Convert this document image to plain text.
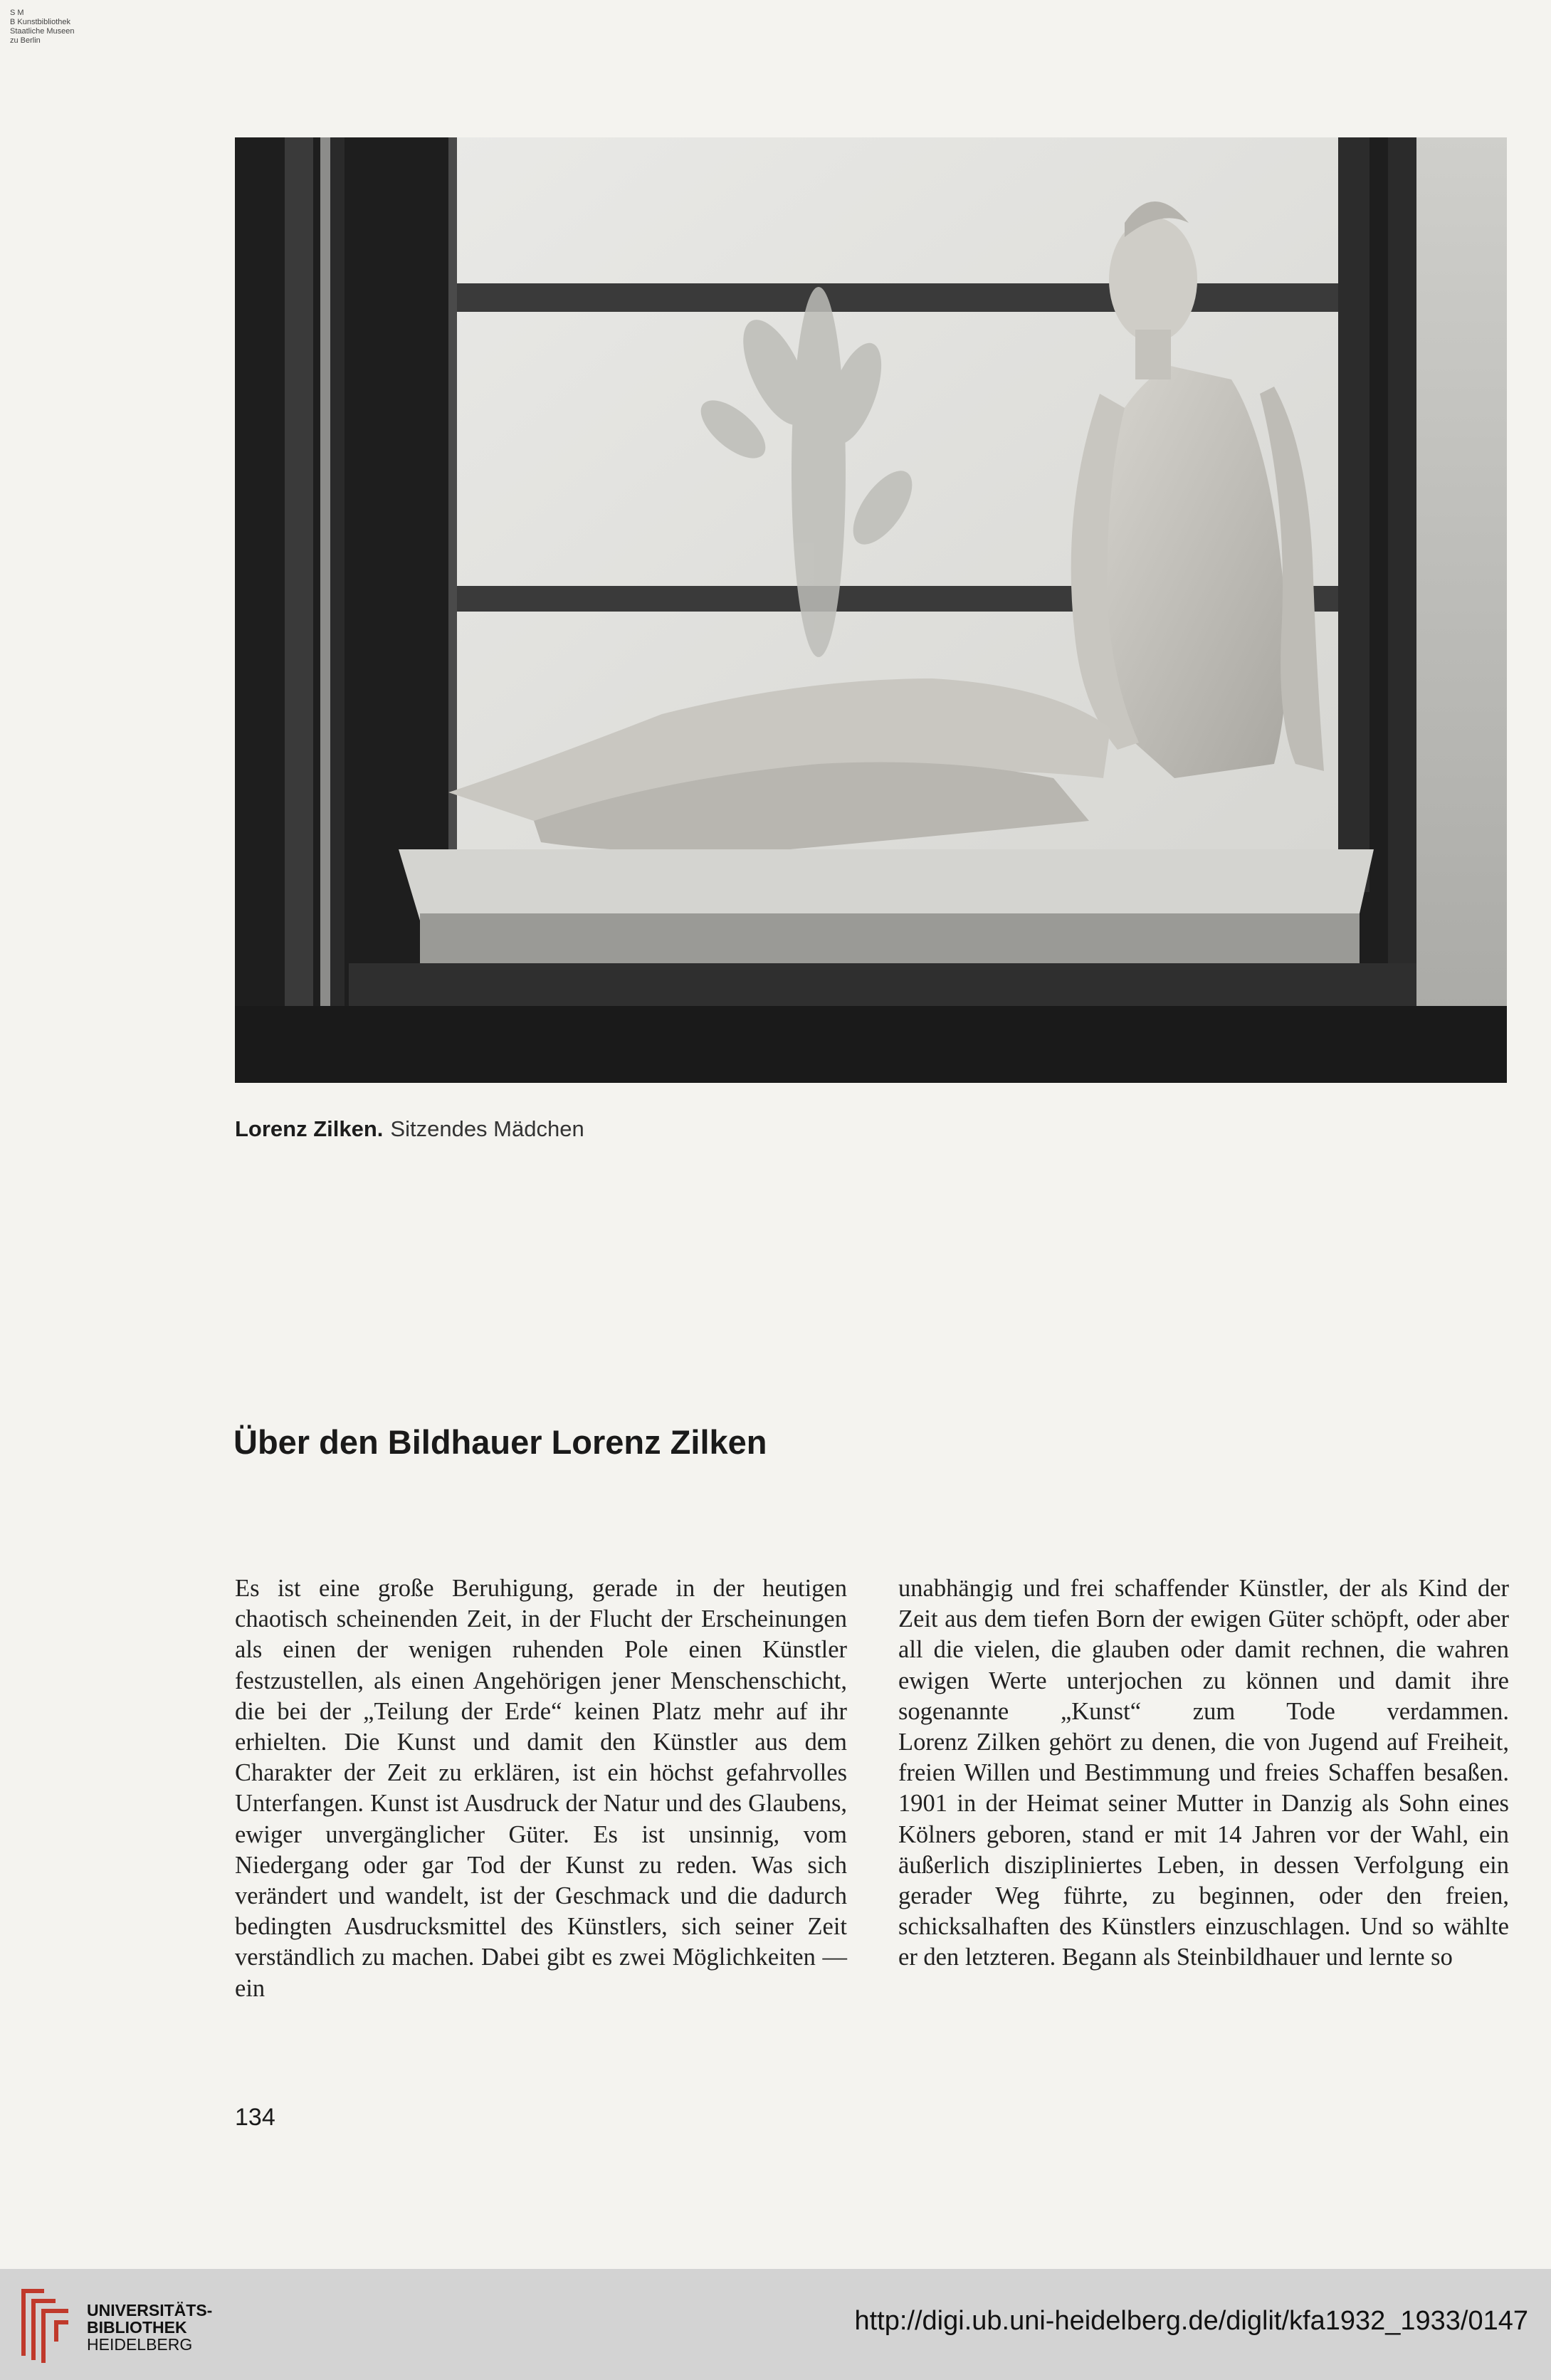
S M
B Kunstbibliothek
Staatliche Museen
zu Berlin
Lorenz Zilken. Sitzendes Mädchen
Über den Bildhauer Lorenz Zilken

Es ist eine große Beruhigung, gerade in der heutigen chaotisch scheinenden Zeit, in der Flucht der Erscheinungen als einen der wenigen ruhenden Pole einen Künstler festzustellen, als einen Angehörigen jener Menschenschicht, die bei der „Teilung der Erde“ keinen Platz mehr auf ihr erhielten. Die Kunst und damit den Künstler aus dem Charakter der Zeit zu erklären, ist ein höchst gefahrvolles Unterfangen. Kunst ist Ausdruck der Natur und des Glaubens, ewiger unvergänglicher Güter. Es ist unsinnig, vom Niedergang oder gar Tod der Kunst zu reden. Was sich verändert und wandelt, ist der Geschmack und die dadurch bedingten Ausdrucksmittel des Künstlers, sich seiner Zeit verständlich zu machen. Dabei gibt es zwei Möglichkeiten — ein

unabhängig und frei schaffender Künstler, der als Kind der Zeit aus dem tiefen Born der ewigen Güter schöpft, oder aber all die vielen, die glauben oder damit rechnen, die wahren ewigen Werte unterjochen zu können und damit ihre sogenannte „Kunst“ zum Tode verdammen.

Lorenz Zilken gehört zu denen, die von Jugend auf Freiheit, freien Willen und Bestimmung und freies Schaffen besaßen. 1901 in der Heimat seiner Mutter in Danzig als Sohn eines Kölners geboren, stand er mit 14 Jahren vor der Wahl, ein äußerlich diszipliniertes Leben, in dessen Verfolgung ein gerader Weg führte, zu beginnen, oder den freien, schicksalhaften des Künstlers einzuschlagen. Und so wählte er den letzteren. Begann als Steinbildhauer und lernte so

134
UNIVERSITÄTS-
BIBLIOTHEK
HEIDELBERG
http://digi.ub.uni-heidelberg.de/diglit/kfa1932_1933/0147
